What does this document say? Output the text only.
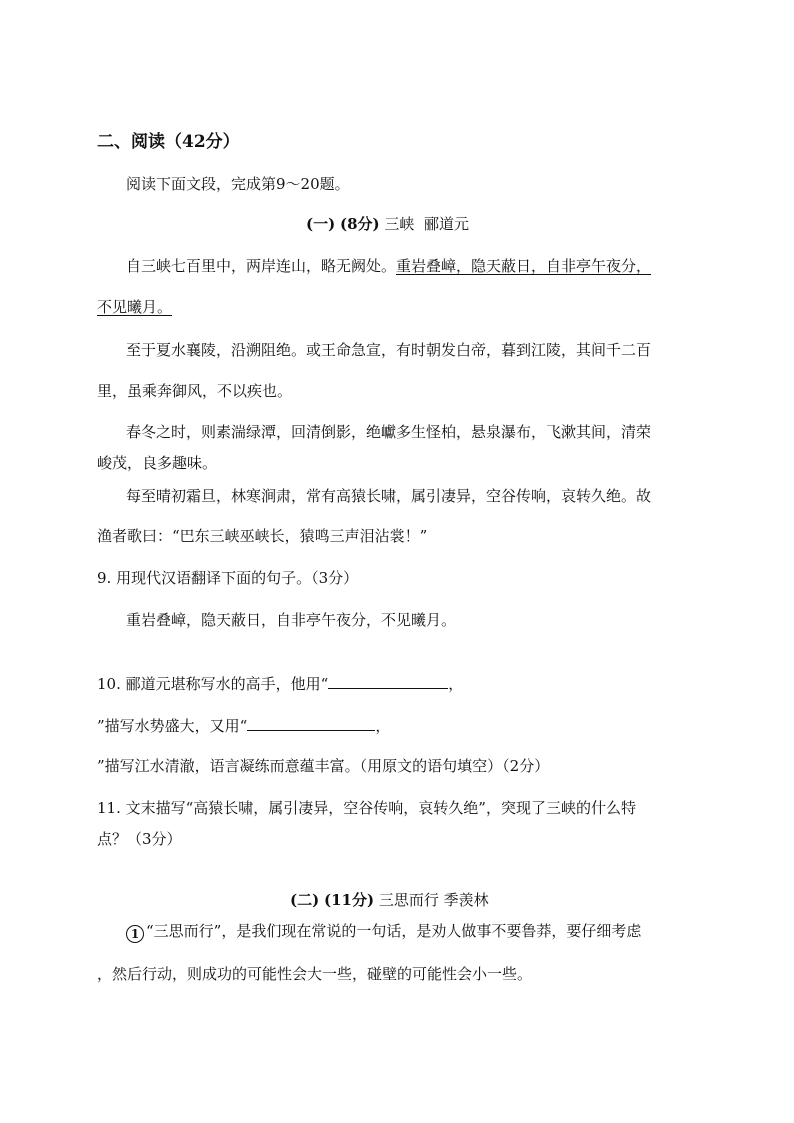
二、阅读（42分）
阅读下面文段，完成第9～20题。
(一) (8分) 三峡 郦道元
自三峡七百里中，两岸连山，略无阙处。重岩叠嶂，隐天蔽日，自非亭午夜分，
不见曦月。
至于夏水襄陵，沿溯阻绝。或王命急宣，有时朝发白帝，暮到江陵，其间千二百
里，虽乘奔御风，不以疾也。
春冬之时，则素湍绿潭，回清倒影，绝巘多生怪柏，悬泉瀑布，飞漱其间，清荣
峻茂，良多趣味。
每至晴初霜旦，林寒涧肃，常有高猿长啸，属引凄异，空谷传响，哀转久绝。故
渔者歌曰：“巴东三峡巫峡长，猿鸣三声泪沾裳！”
9. 用现代汉语翻译下面的句子。（3分）
重岩叠嶂，隐天蔽日，自非亭午夜分，不见曦月。
10. 郦道元堪称写水的高手，他用“	，
”描写水势盛大，又用“	，
”描写江水清澈，语言凝练而意蕴丰富。（用原文的语句填空）（2分）
11. 文末描写“高猿长啸，属引凄异，空谷传响，哀转久绝”，突现了三峡的什么特
点？（3分）
(二) (11分) 三思而行 季羡林
1 “三思而行”，是我们现在常说的一句话，是劝人做事不要鲁莽，要仔细考虑
，然后行动，则成功的可能性会大一些，碰壁的可能性会小一些。
